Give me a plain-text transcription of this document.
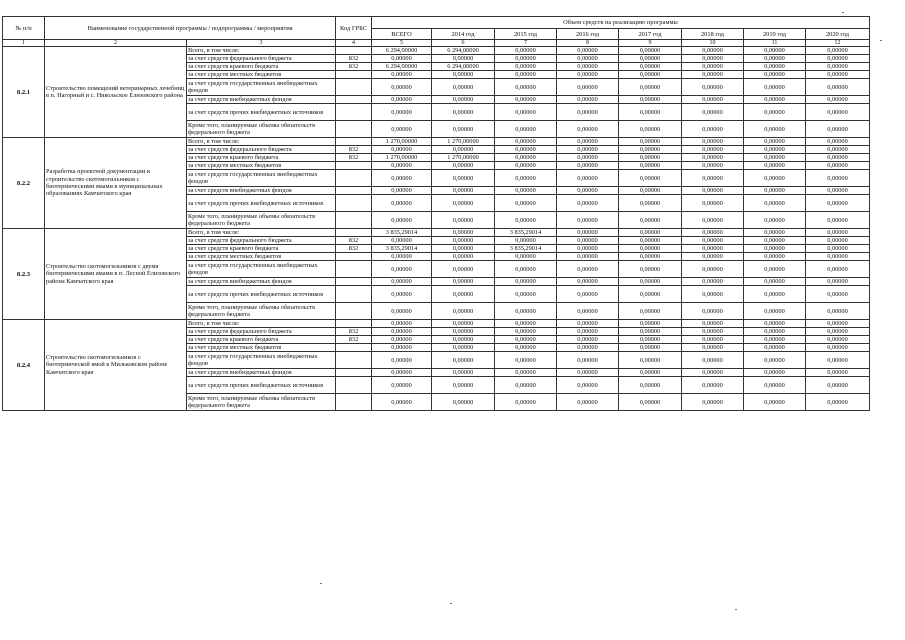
№ п/п	Наименование государственной программы / подпрограммы / мероприятия		Код ГРБС	Объем средств на реализацию программы							
				ВСЕГО	2014 год	2015 год	2016 год	2017 год	2018 год	2019 год	2020 год
1	2	3	4	5	6	7	8	9	10	11	12
8.2.1	Строительство помещений ветеринарных лечебниц в п. Нагорный и с. Никольское Елизовского района	Всего, в том числе:		6 294,00000	6 294,00000	0,00000	0,00000	0,00000	0,00000	0,00000	0,00000
		за счет средств федерального бюджета	832	0,00000	0,00000	0,00000	0,00000	0,00000	0,00000	0,00000	0,00000
		за счет средств краевого бюджета	832	6 294,00000	6 294,00000	0,00000	0,00000	0,00000	0,00000	0,00000	0,00000
		за счет средств местных бюджетов		0,00000	0,00000	0,00000	0,00000	0,00000	0,00000	0,00000	0,00000
		за счет средств государственных внебюджетных фондов		0,00000	0,00000	0,00000	0,00000	0,00000	0,00000	0,00000	0,00000
		за счет средств внебюджетных фондов		0,00000	0,00000	0,00000	0,00000	0,00000	0,00000	0,00000	0,00000
		за счет средств прочих внебюджетных источников		0,00000	0,00000	0,00000	0,00000	0,00000	0,00000	0,00000	0,00000
		Кроме того, планируемые объемы обязательств федерального бюджета		0,00000	0,00000	0,00000	0,00000	0,00000	0,00000	0,00000	0,00000
8.2.2	Разработка проектной документации и строительство скотомогильников с биотермическими ямами в муниципальных образованиях Камчатского края	Всего, в том числе:		1 270,00000	1 270,00000	0,00000	0,00000	0,00000	0,00000	0,00000	0,00000
		за счет средств федерального бюджета	832	0,00000	0,00000	0,00000	0,00000	0,00000	0,00000	0,00000	0,00000
		за счет средств краевого бюджета	832	1 270,00000	1 270,00000	0,00000	0,00000	0,00000	0,00000	0,00000	0,00000
		за счет средств местных бюджетов		0,00000	0,00000	0,00000	0,00000	0,00000	0,00000	0,00000	0,00000
		за счет средств государственных внебюджетных фондов		0,00000	0,00000	0,00000	0,00000	0,00000	0,00000	0,00000	0,00000
		за счет средств внебюджетных фондов		0,00000	0,00000	0,00000	0,00000	0,00000	0,00000	0,00000	0,00000
		за счет средств прочих внебюджетных источников		0,00000	0,00000	0,00000	0,00000	0,00000	0,00000	0,00000	0,00000
		Кроме того, планируемые объемы обязательств федерального бюджета		0,00000	0,00000	0,00000	0,00000	0,00000	0,00000	0,00000	0,00000
8.2.3	Строительство скотомогильников с двумя биотермическими ямами в п. Лесной Елизовского района Камчатского края	Всего, в том числе:		3 835,29014	0,00000	3 835,29014	0,00000	0,00000	0,00000	0,00000	0,00000
		за счет средств федерального бюджета	832	0,00000	0,00000	0,00000	0,00000	0,00000	0,00000	0,00000	0,00000
		за счет средств краевого бюджета	832	3 835,29014	0,00000	3 835,29014	0,00000	0,00000	0,00000	0,00000	0,00000
		за счет средств местных бюджетов		0,00000	0,00000	0,00000	0,00000	0,00000	0,00000	0,00000	0,00000
		за счет средств государственных внебюджетных фондов		0,00000	0,00000	0,00000	0,00000	0,00000	0,00000	0,00000	0,00000
		за счет средств внебюджетных фондов		0,00000	0,00000	0,00000	0,00000	0,00000	0,00000	0,00000	0,00000
		за счет средств прочих внебюджетных источников		0,00000	0,00000	0,00000	0,00000	0,00000	0,00000	0,00000	0,00000
		Кроме того, планируемые объемы обязательств федерального бюджета		0,00000	0,00000	0,00000	0,00000	0,00000	0,00000	0,00000	0,00000
8.2.4	Строительство скотомогильников с биотермической ямой в Мильковском районе Камчатского края	Всего, в том числе:		0,00000	0,00000	0,00000	0,00000	0,00000	0,00000	0,00000	0,00000
		за счет средств федерального бюджета	832	0,00000	0,00000	0,00000	0,00000	0,00000	0,00000	0,00000	0,00000
		за счет средств краевого бюджета	832	0,00000	0,00000	0,00000	0,00000	0,00000	0,00000	0,00000	0,00000
		за счет средств местных бюджетов		0,00000	0,00000	0,00000	0,00000	0,00000	0,00000	0,00000	0,00000
		за счет средств государственных внебюджетных фондов		0,00000	0,00000	0,00000	0,00000	0,00000	0,00000	0,00000	0,00000
		за счет средств внебюджетных фондов		0,00000	0,00000	0,00000	0,00000	0,00000	0,00000	0,00000	0,00000
		за счет средств прочих внебюджетных источников		0,00000	0,00000	0,00000	0,00000	0,00000	0,00000	0,00000	0,00000
		Кроме того, планируемые объемы обязательств федерального бюджета		0,00000	0,00000	0,00000	0,00000	0,00000	0,00000	0,00000	0,00000
